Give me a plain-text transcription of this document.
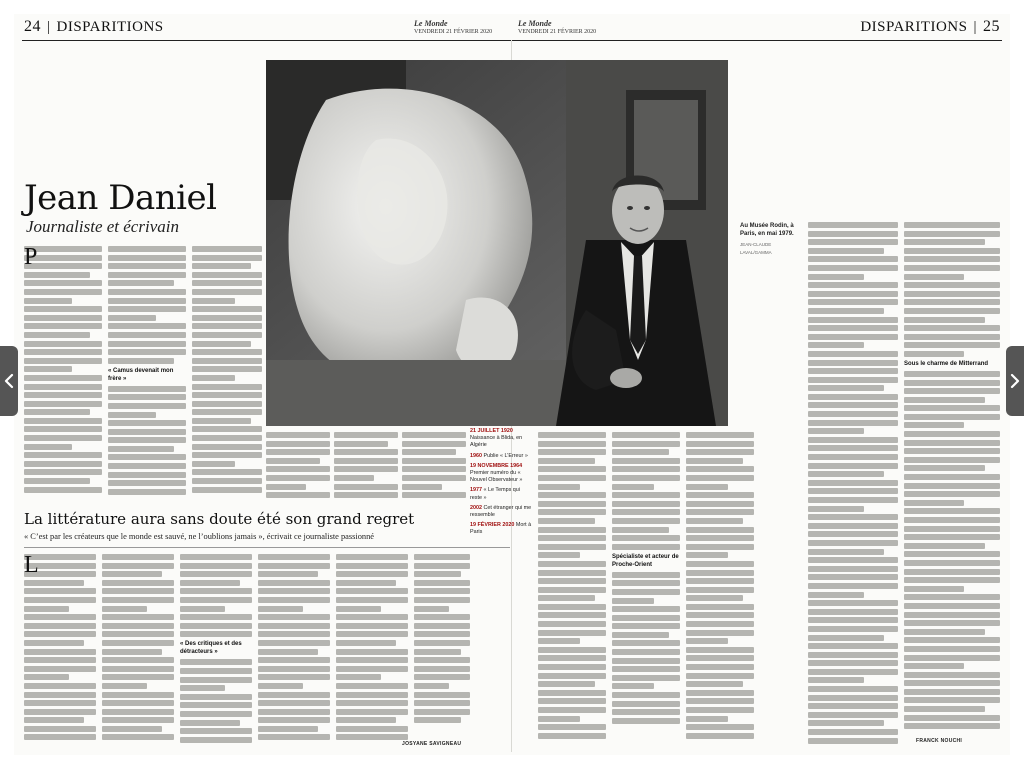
24 | DISPARITIONS	Le Monde
VENDREDI 21 FÉVRIER 2020
Le Monde
VENDREDI 21 FÉVRIER 2020	DISPARITIONS | 25
Au Musée Rodin, à Paris, en mai 1979.
JEAN-CLAUDE LAVAL/GAMMA
Jean Daniel
Journaliste et écrivain
P
« Camus devenait mon frère »
21 JUILLET 1920 Naissance à Blida, en Algérie
1960 Publie « L’Erreur »
19 NOVEMBRE 1964 Premier numéro du « Nouvel Observateur »
1977 « Le Temps qui reste »
2002 Cet étranger qui me ressemble
19 FÉVRIER 2020 Mort à Paris
Spécialiste et acteur de Proche-Orient
Sous le charme de Mitterrand
FRANCK NOUCHI
La littérature aura sans doute été son grand regret
« C’est par les créateurs que le monde est sauvé, ne l’oublions jamais », écrivait ce journaliste passionné
L
« Des critiques et des détracteurs »
JOSYANE SAVIGNEAU
